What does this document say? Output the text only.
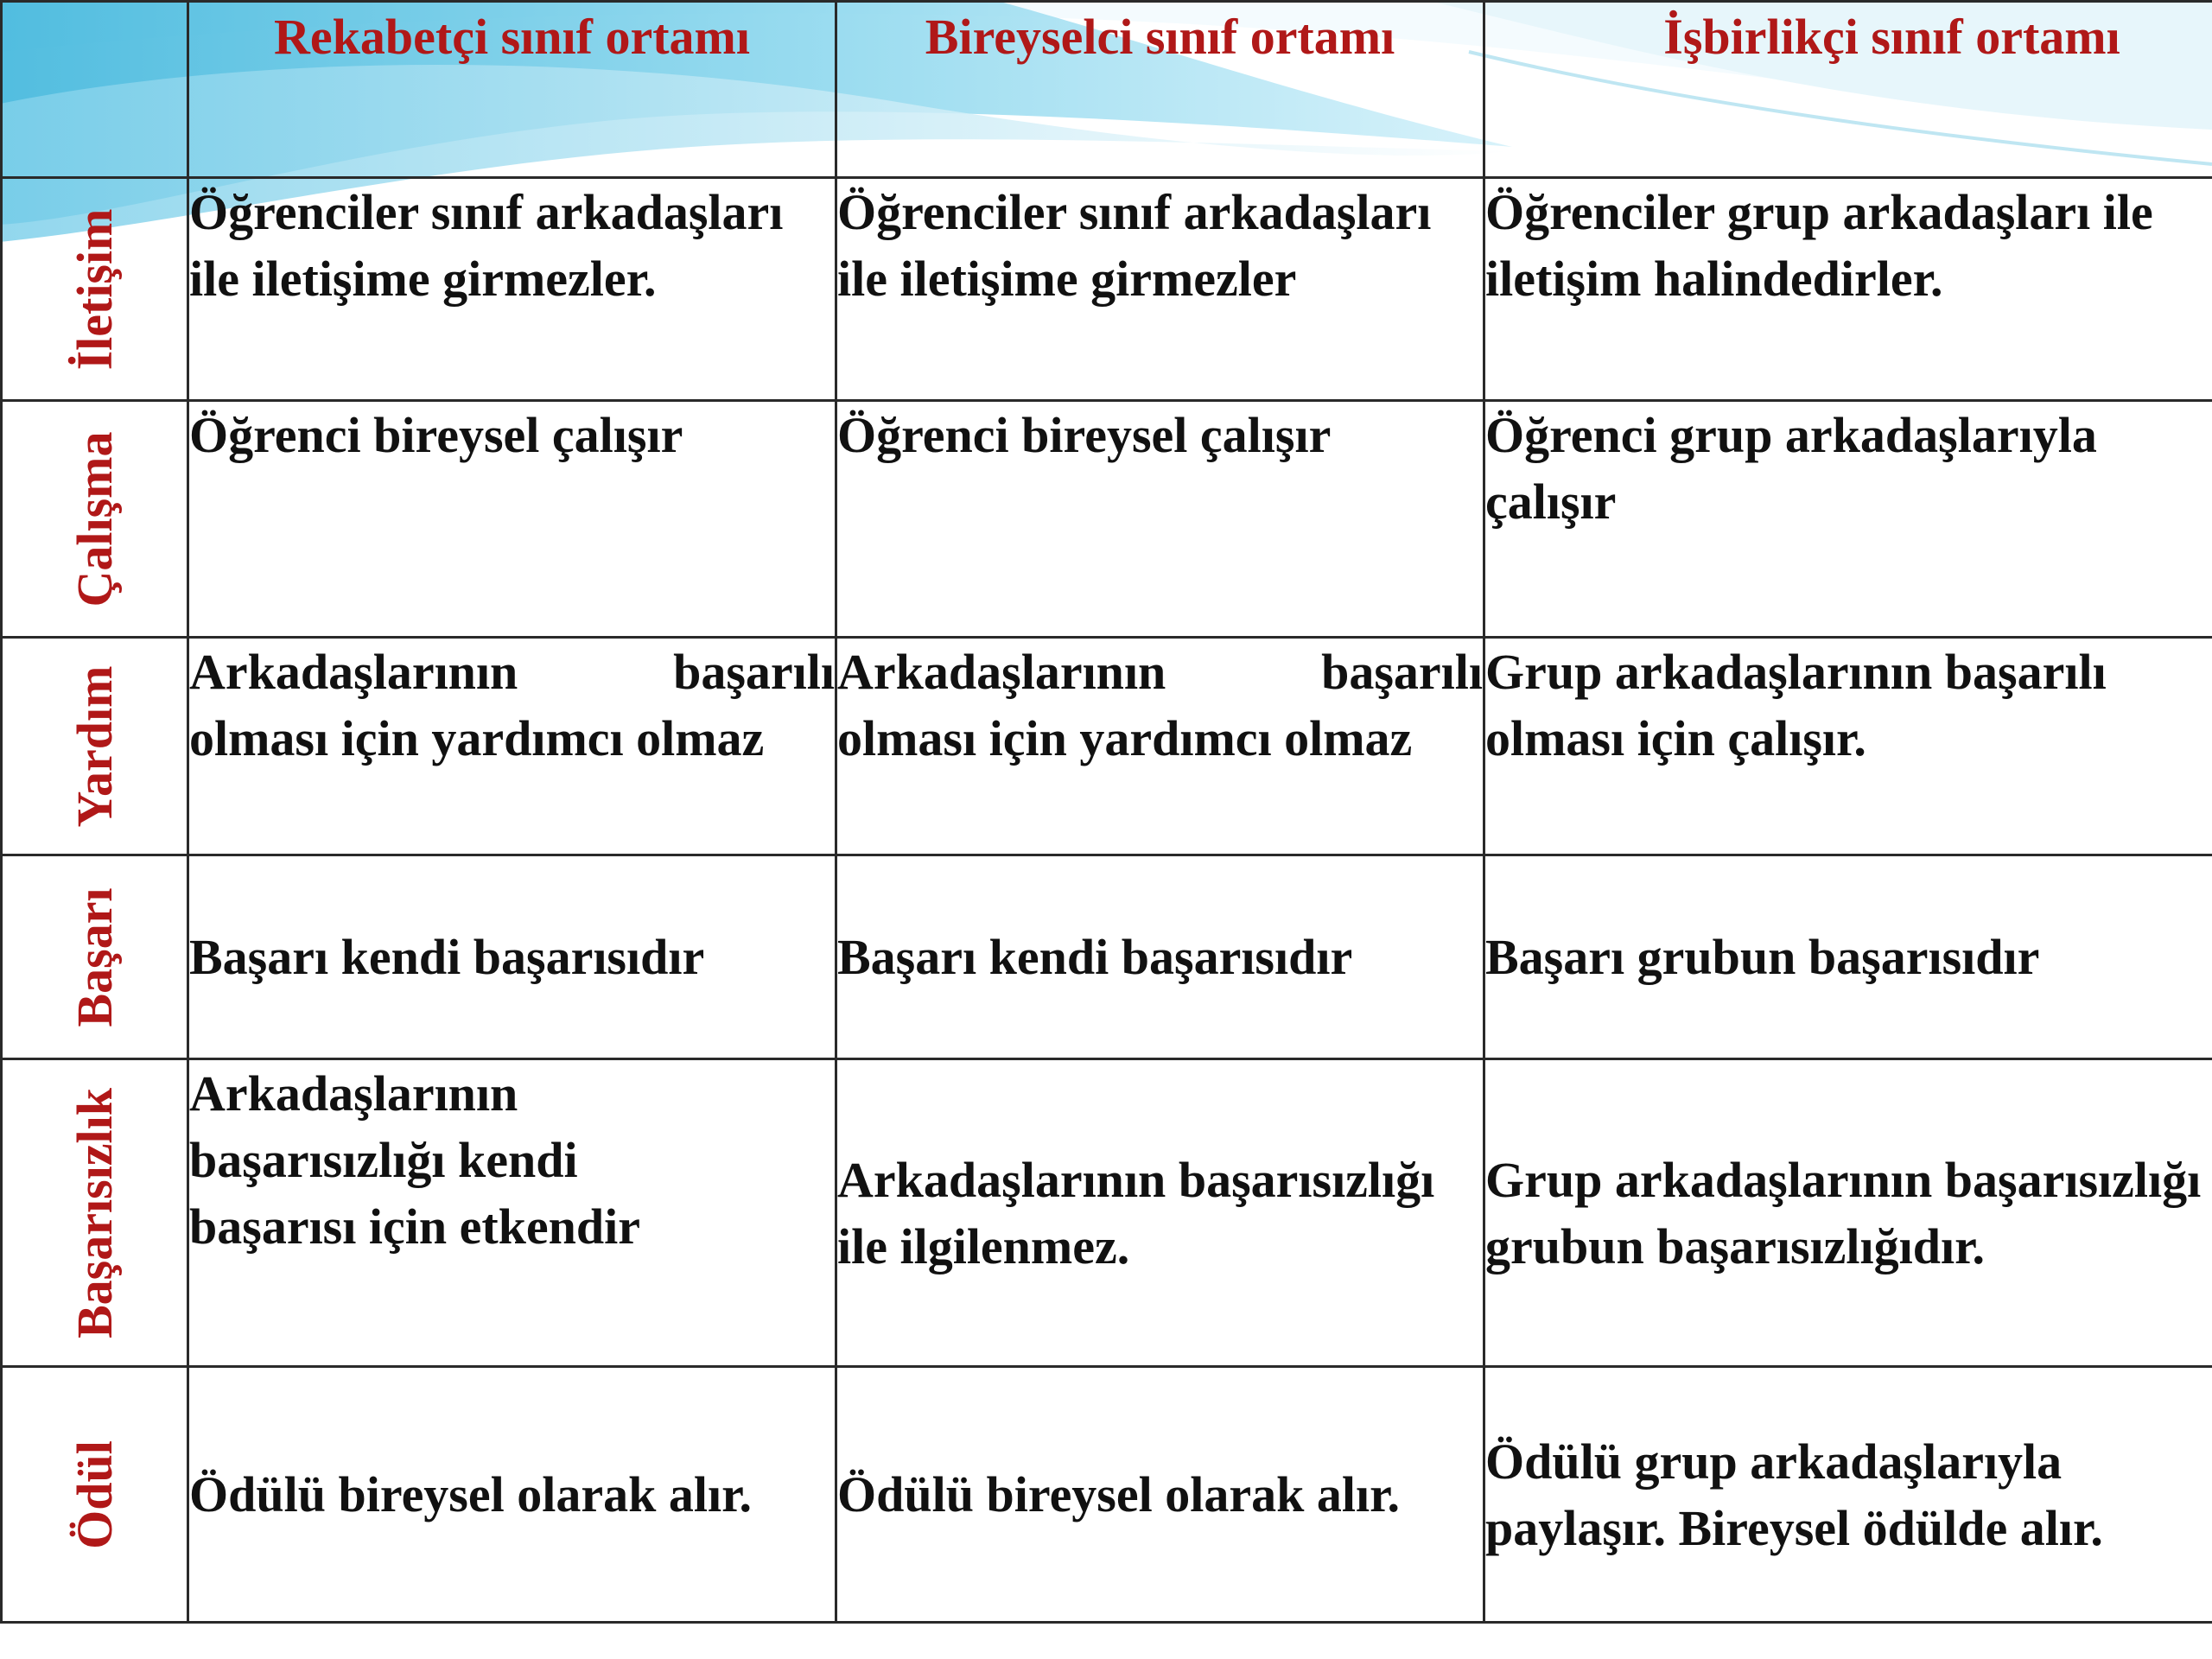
	Rekabetçi sınıf ortamı	Bireyselci sınıf ortamı	İşbirlikçi sınıf ortamı

İletişim	Öğrenciler sınıf arkadaşları ile iletişime girmezler.	Öğrenciler sınıf arkadaşları ile iletişime girmezler	Öğrenciler grup arkadaşları ile iletişim halindedirler.

Çalışma	Öğrenci bireysel çalışır	Öğrenci bireysel çalışır	Öğrenci grup arkadaşlarıyla çalışır

Yardım	Arkadaşlarının başarılı olması için yardımcı olmaz	Arkadaşlarının başarılı olması için yardımcı olmaz	Grup arkadaşlarının başarılı olması için çalışır.

Başarı	Başarı kendi başarısıdır	Başarı kendi başarısıdır	Başarı grubun başarısıdır

Başarısızlık	Arkadaşlarının başarısızlığı kendi başarısı için etkendir	Arkadaşlarının başarısızlığı ile ilgilenmez.	Grup arkadaşlarının başarısızlığı grubun başarısızlığıdır.

Ödül	Ödülü bireysel olarak alır.	Ödülü bireysel olarak alır.	Ödülü grup arkadaşlarıyla paylaşır. Bireysel ödülde alır.
